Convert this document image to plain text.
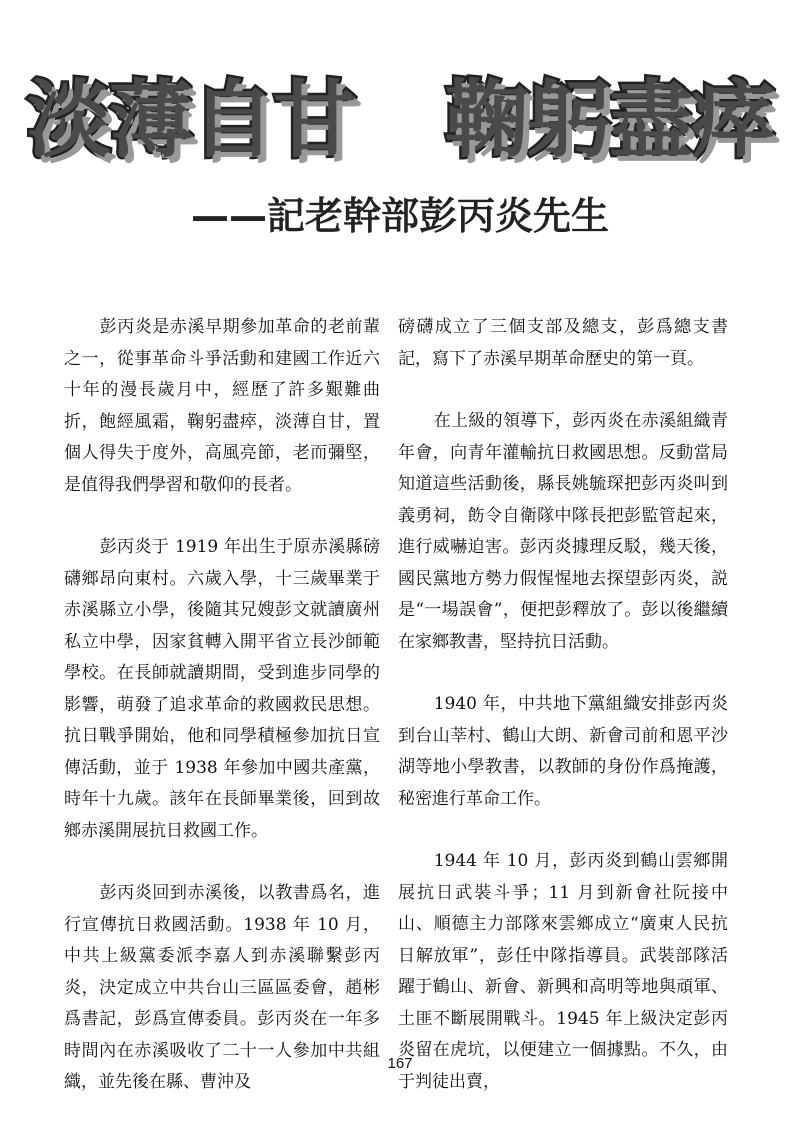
淡薄自甘 鞠躬盡瘁
——記老幹部彭丙炎先生

彭丙炎是赤溪早期參加革命的老前輩之一，從事革命斗爭活動和建國工作近六十年的漫長歲月中，經歷了許多艱難曲折，飽經風霜，鞠躬盡瘁，淡薄自甘，置個人得失于度外，高風亮節，老而彌堅，是值得我們學習和敬仰的長者。

彭丙炎于 1919 年出生于原赤溪縣磅礴鄉昂向東村。六歲入學，十三歲畢業于赤溪縣立小學，後隨其兄嫂彭文就讀廣州私立中學，因家貧轉入開平省立長沙師範學校。在長師就讀期間，受到進步同學的影響，萌發了追求革命的救國救民思想。抗日戰爭開始，他和同學積極參加抗日宣傳活動，並于 1938 年參加中國共產黨，時年十九歲。該年在長師畢業後，回到故鄉赤溪開展抗日救國工作。

彭丙炎回到赤溪後，以教書爲名，進行宣傳抗日救國活動。1938 年 10 月，中共上級黨委派李嘉人到赤溪聯繫彭丙炎，決定成立中共台山三區區委會，趙彬爲書記，彭爲宣傳委員。彭丙炎在一年多時間內在赤溪吸收了二十一人參加中共組織，並先後在縣、曹沖及

磅礴成立了三個支部及總支，彭爲總支書記，寫下了赤溪早期革命歷史的第一頁。

在上級的領導下，彭丙炎在赤溪組織青年會，向青年灌輸抗日救國思想。反動當局知道這些活動後，縣長姚毓琛把彭丙炎叫到義勇祠，飭令自衛隊中隊長把彭監管起來，進行威嚇迫害。彭丙炎據理反駁，幾天後，國民黨地方勢力假惺惺地去探望彭丙炎，説是“一場誤會”，便把彭釋放了。彭以後繼續在家鄉教書，堅持抗日活動。

1940 年，中共地下黨組織安排彭丙炎到台山莘村、鶴山大朗、新會司前和恩平沙湖等地小學教書，以教師的身份作爲掩護，秘密進行革命工作。

1944 年 10 月，彭丙炎到鶴山雲鄉開展抗日武裝斗爭；11 月到新會社阮接中山、順德主力部隊來雲鄉成立“廣東人民抗日解放軍”，彭任中隊指導員。武裝部隊活躍于鶴山、新會、新興和高明等地與頑軍、土匪不斷展開戰斗。1945 年上級決定彭丙炎留在虎坑，以便建立一個據點。不久，由于判徒出賣，

167
